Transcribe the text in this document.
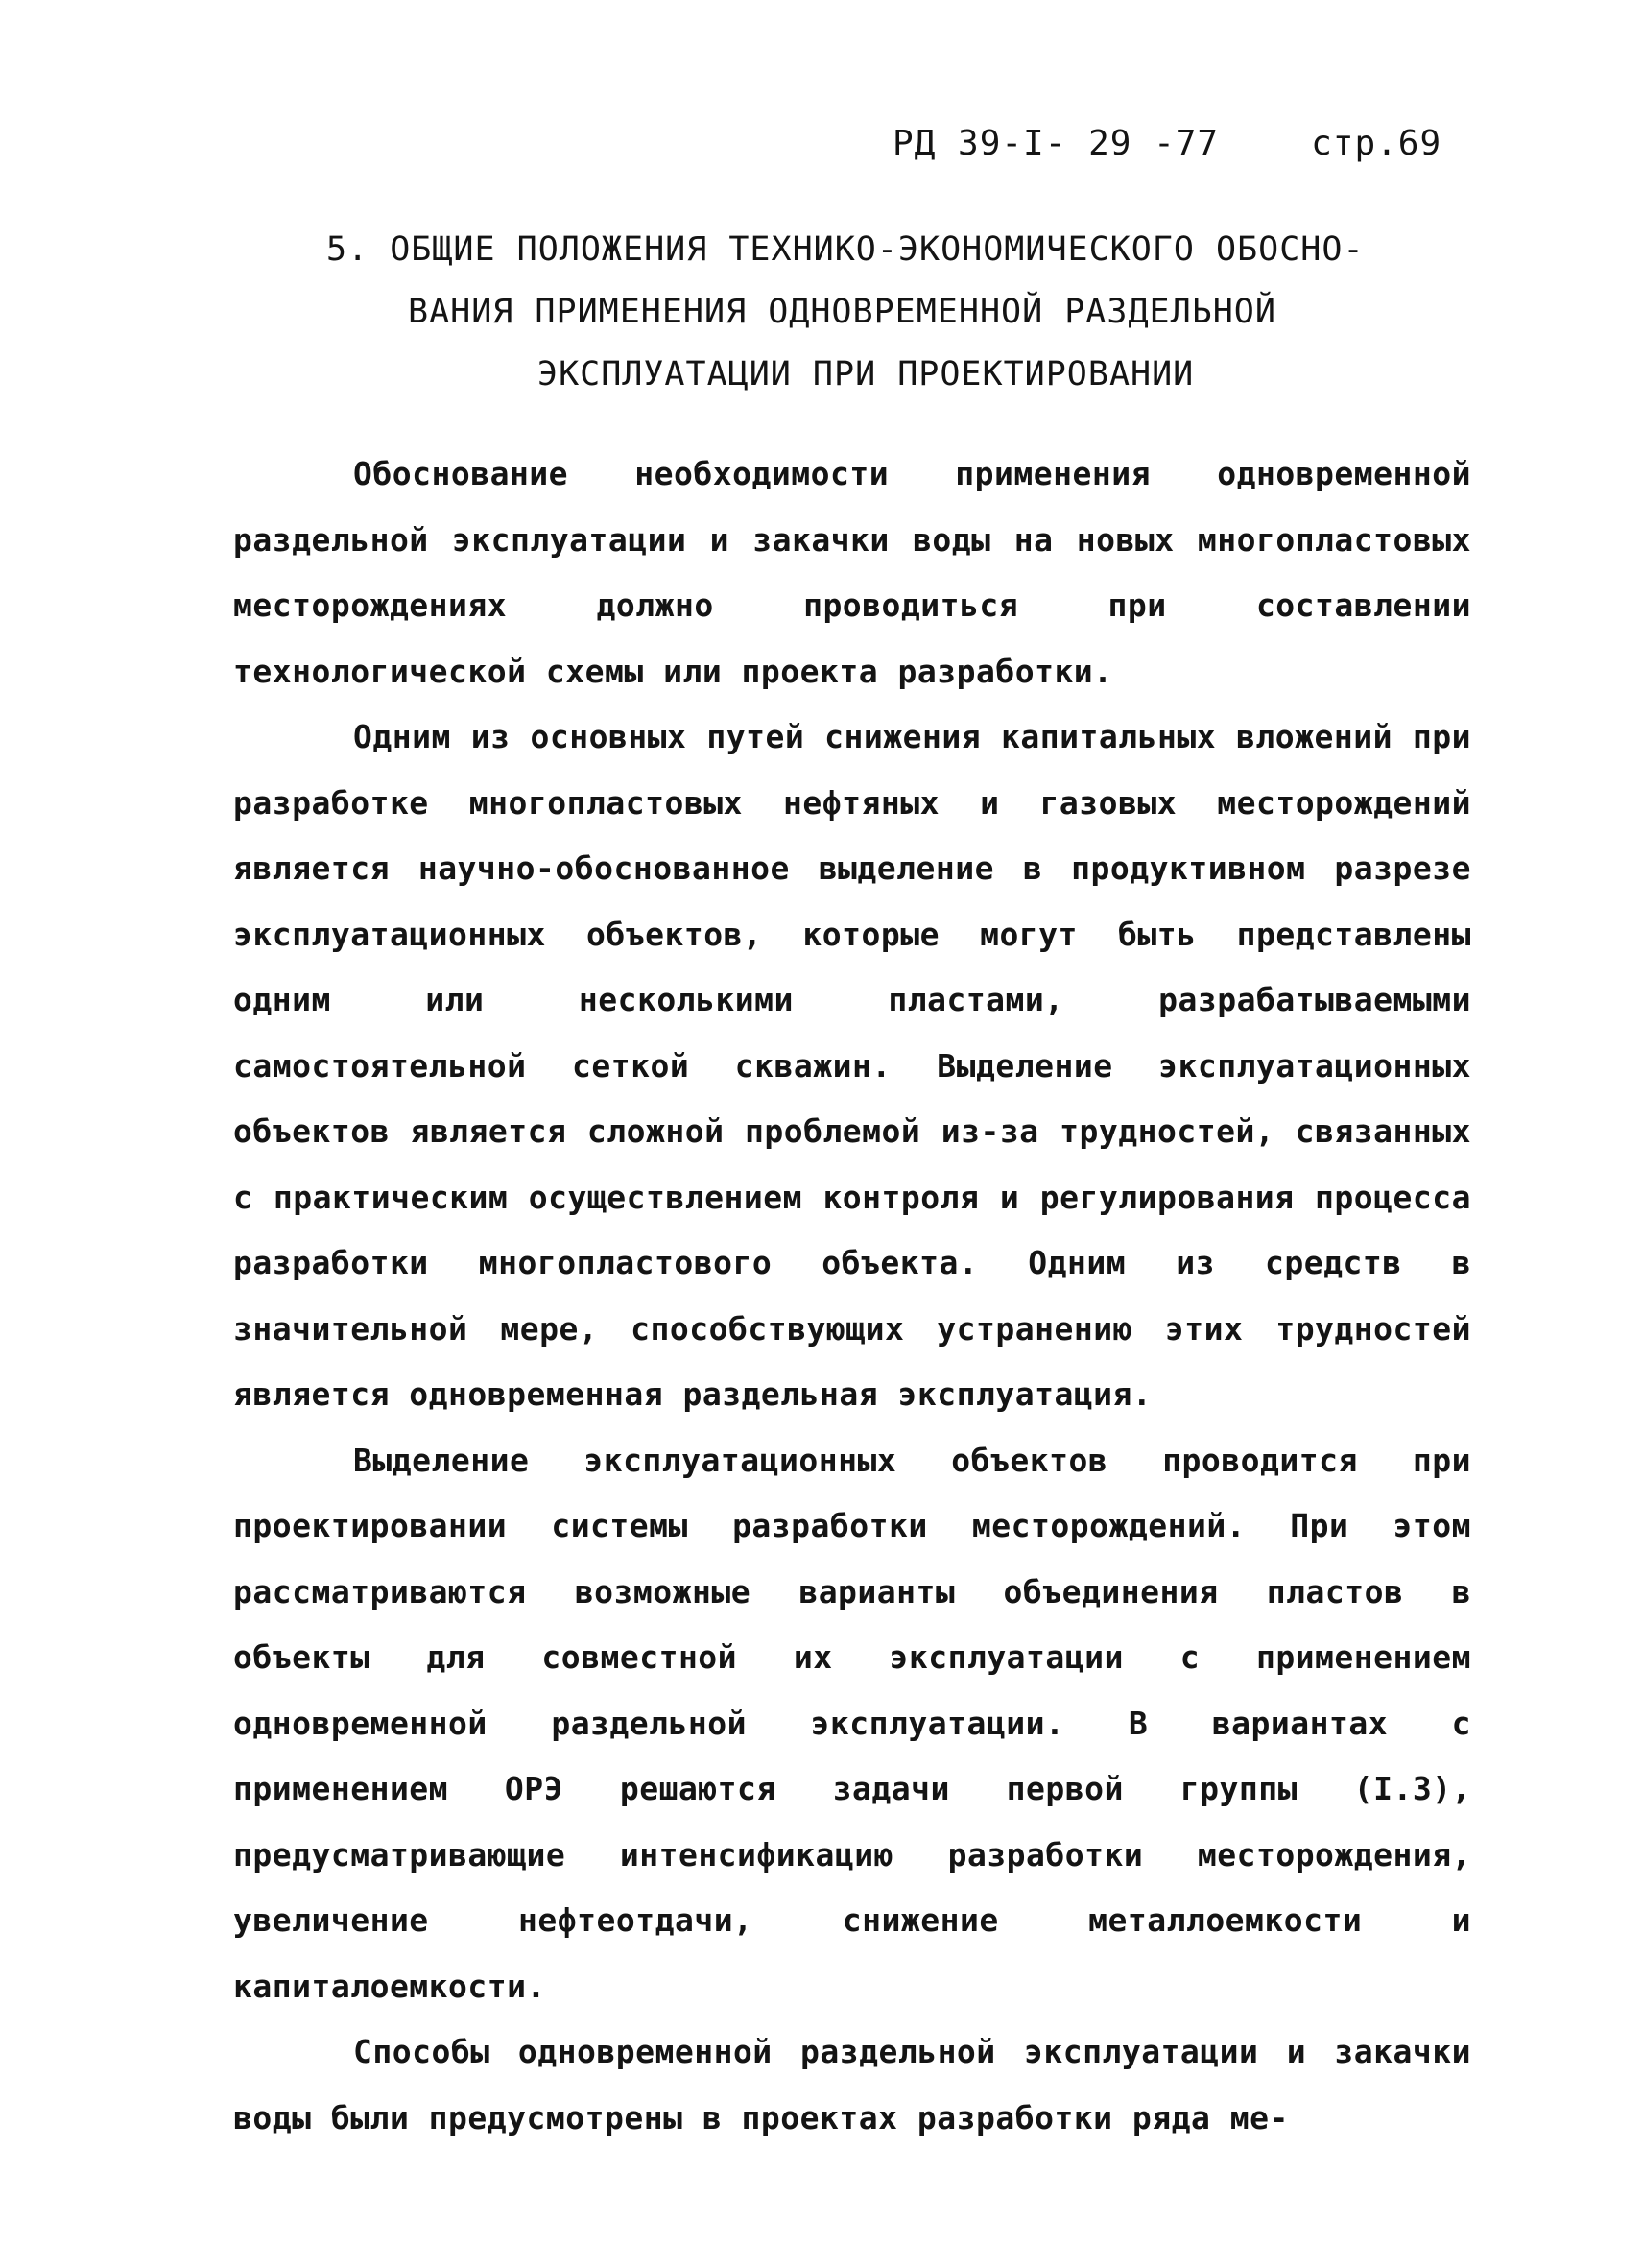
РД 39-I- 29 -77	стр.69
5. ОБЩИЕ ПОЛОЖЕНИЯ ТЕХНИКО-ЭКОНОМИЧЕСКОГО ОБОСНО-
ВАНИЯ ПРИМЕНЕНИЯ ОДНОВРЕМЕННОЙ РАЗДЕЛЬНОЙ
ЭКСПЛУАТАЦИИ ПРИ ПРОЕКТИРОВАНИИ

Обоснование необходимости применения одновременной раздельной эксплуатации и закачки воды на новых многопластовых месторождениях должно проводиться при составлении технологической схемы или проекта разработки.

Одним из основных путей снижения капитальных вложений при разработке многопластовых нефтяных и газовых месторождений является научно-обоснованное выделение в продуктивном разрезе эксплуатационных объектов, которые могут быть представлены одним или несколькими пластами, разрабатываемыми самостоятельной сеткой скважин. Выделение эксплуатационных объектов является сложной проблемой из-за трудностей, связанных с практическим осуществлением контроля и регулирования процесса разработки многопластового объекта. Одним из средств в значительной мере, способствующих устранению этих трудностей является одновременная раздельная эксплуатация.

Выделение эксплуатационных объектов проводится при проектировании системы разработки месторождений. При этом рассматриваются возможные варианты объединения пластов в объекты для совместной их эксплуатации с применением одновременной раздельной эксплуатации. В вариантах с применением ОРЭ решаются задачи первой группы (I.3), предусматривающие интенсификацию разработки месторождения, увеличение нефтеотдачи, снижение металлоемкости и капиталоемкости.

Способы одновременной раздельной эксплуатации и закачки воды были предусмотрены в проектах разработки ряда ме-
